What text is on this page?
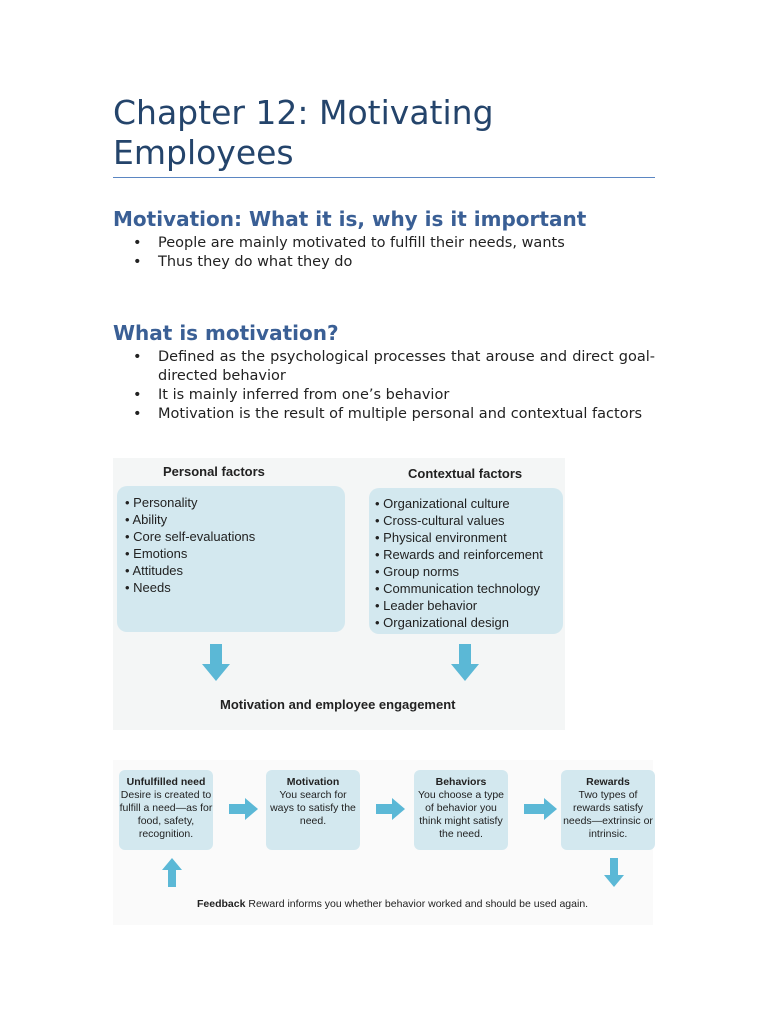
Chapter 12: Motivating Employees
Motivation: What it is, why is it important
• People are mainly motivated to fulfill their needs, wants
• Thus they do what they do
What is motivation?
• Defined as the psychological processes that arouse and direct goal-directed behavior
• It is mainly inferred from one’s behavior
• Motivation is the result of multiple personal and contextual factors
Personal factors	Contextual factors
• Personality
• Ability
• Core self-evaluations
• Emotions
• Attitudes
• Needs
• Organizational culture
• Cross-cultural values
• Physical environment
• Rewards and reinforcement
• Group norms
• Communication technology
• Leader behavior
• Organizational design
Motivation and employee engagement
Unfulfilled need
Desire is created to fulfill a need—as for food, safety, recognition.
Motivation
You search for ways to satisfy the need.
Behaviors
You choose a type of behavior you think might satisfy the need.
Rewards
Two types of rewards satisfy needs—extrinsic or intrinsic.
Feedback Reward informs you whether behavior worked and should be used again.
